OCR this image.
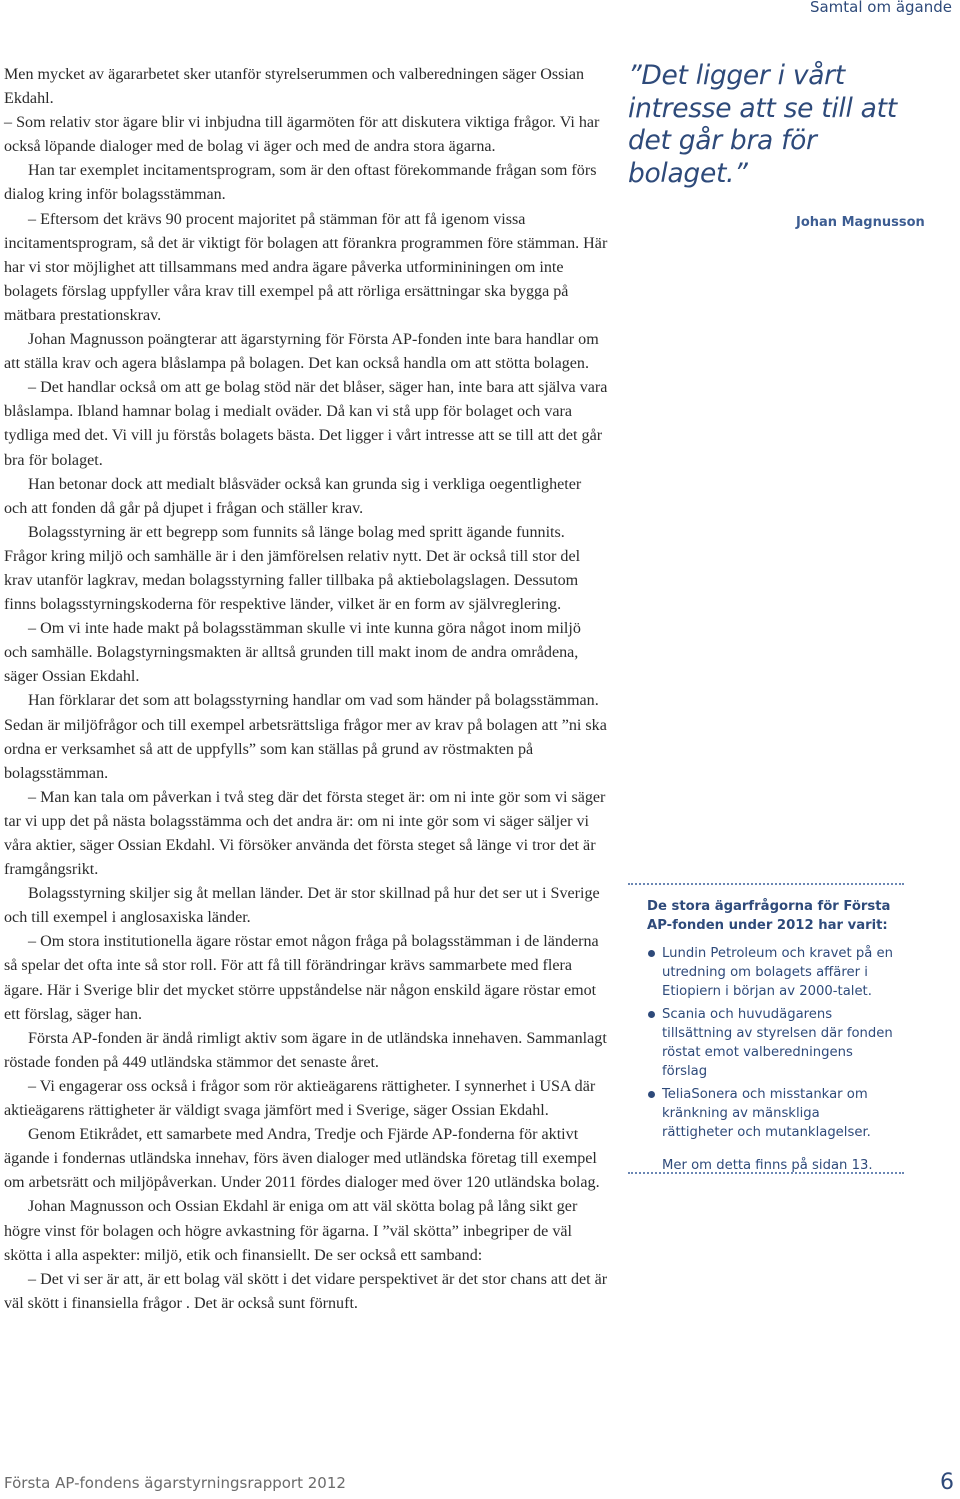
Samtal om ägande

Men mycket av ägararbetet sker utanför styrelserummen och valberedningen säger Ossian Ekdahl.

– Som relativ stor ägare blir vi inbjudna till ägarmöten för att diskutera viktiga frågor. Vi har också löpande dialoger med de bolag vi äger och med de andra stora ägarna.

Han tar exemplet incitamentsprogram, som är den oftast förekommande frågan som förs dialog kring inför bolagsstämman.

– Eftersom det krävs 90 procent majoritet på stämman för att få igenom vissa incitamentsprogram, så det är viktigt för bolagen att förankra programmen före stämman. Här har vi stor möjlighet att tillsammans med andra ägare påverka utformininingen om inte bolagets förslag uppfyller våra krav till exempel på att rörliga ersättningar ska bygga på mätbara prestationskrav.

Johan Magnusson poängterar att ägarstyrning för Första AP-fonden inte bara handlar om att ställa krav och agera blåslampa på bolagen. Det kan också handla om att stötta bolagen.

– Det handlar också om att ge bolag stöd när det blåser, säger han, inte bara att själva vara blåslampa. Ibland hamnar bolag i medialt oväder. Då kan vi stå upp för bolaget och vara tydliga med det. Vi vill ju förstås bolagets bästa. Det ligger i vårt intresse att se till att det går bra för bolaget.

Han betonar dock att medialt blåsväder också kan grunda sig i verkliga oegentligheter och att fonden då går på djupet i frågan och ställer krav.

Bolagsstyrning är ett begrepp som funnits så länge bolag med spritt ägande funnits. Frågor kring miljö och samhälle är i den jämförelsen relativ nytt. Det är också till stor del krav utanför lagkrav, medan bolagsstyrning faller tillbaka på aktiebolagslagen. Dessutom finns bolagsstyrningskoderna för respektive länder, vilket är en form av självreglering.

– Om vi inte hade makt på bolagsstämman skulle vi inte kunna göra något inom miljö och samhälle. Bolagstyrningsmakten är alltså grunden till makt inom de andra områdena, säger Ossian Ekdahl.

Han förklarar det som att bolagsstyrning handlar om vad som händer på bolagsstämman. Sedan är miljöfrågor och till exempel arbetsrättsliga frågor mer av krav på bolagen att ”ni ska ordna er verksamhet så att de uppfylls” som kan ställas på grund av röstmakten på bolagsstämman.

– Man kan tala om påverkan i två steg där det första steget är: om ni inte gör som vi säger tar vi upp det på nästa bolagsstämma och det andra är: om ni inte gör som vi säger säljer vi våra aktier, säger Ossian Ekdahl. Vi försöker använda det första steget så länge vi tror det är framgångsrikt.

Bolagsstyrning skiljer sig åt mellan länder. Det är stor skillnad på hur det ser ut i Sverige och till exempel i anglosaxiska länder.

– Om stora institutionella ägare röstar emot någon fråga på bolagsstämman i de länderna så spelar det ofta inte så stor roll. För att få till förändringar krävs sammarbete med flera ägare. Här i Sverige blir det mycket större uppståndelse när någon enskild ägare röstar emot ett förslag, säger han.

Första AP-fonden är ändå rimligt aktiv som ägare in de utländska innehaven. Sammanlagt röstade fonden på 449 utländska stämmor det senaste året.

– Vi engagerar oss också i frågor som rör aktieägarens rättigheter. I synnerhet i USA där aktieägarens rättigheter är väldigt svaga jämfört med i Sverige, säger Ossian Ekdahl.

Genom Etikrådet, ett samarbete med Andra, Tredje och Fjärde AP-fonderna för aktivt ägande i fondernas utländska innehav, förs även dialoger med utländska företag till exempel om arbetsrätt och miljöpåverkan. Under 2011 fördes dialoger med över 120 utländska bolag.

Johan Magnusson och Ossian Ekdahl är eniga om att väl skötta bolag på lång sikt ger högre vinst för bolagen och högre avkastning för ägarna. I ”väl skötta” inbegriper de väl skötta i alla aspekter: miljö, etik och finansiellt. De ser också ett samband:

– Det vi ser är att, är ett bolag väl skött i det vidare perspektivet är det stor chans att det är väl skött i finansiella frågor . Det är också sunt förnuft.

”Det ligger i vårt intresse att se till att det går bra för bolaget.”
Johan Magnusson
De stora ägarfrågorna för Första AP-fonden under 2012 har varit:
Lundin Petroleum och kravet på en utredning om bolagets affärer i Etiopiern i början av 2000-talet.
Scania och huvudägarens tillsättning av styrelsen där fonden röstat emot valberedningens förslag
TeliaSonera och misstankar om kränkning av mänskliga rättigheter och mutanklagelser.
Mer om detta finns på sidan 13.
Första AP-fondens ägarstyrningsrapport 2012	6
